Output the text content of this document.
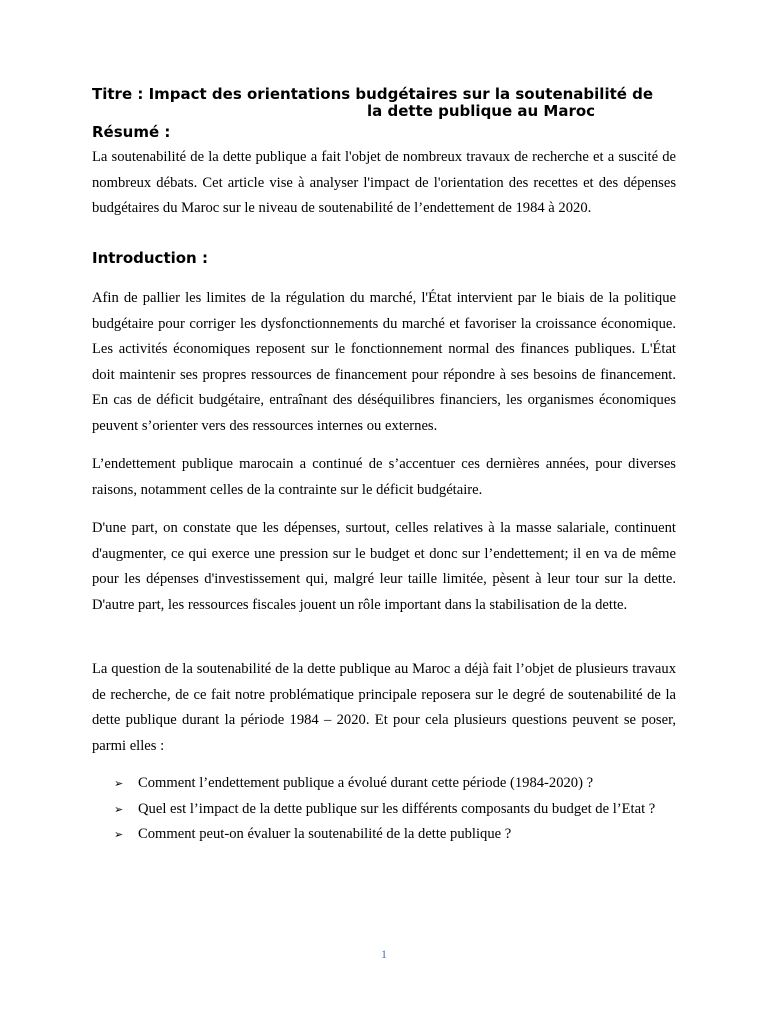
Titre : Impact des orientations budgétaires sur la soutenabilité de
la dette publique au Maroc
Résumé :

La soutenabilité de la dette publique a fait l'objet de nombreux travaux de recherche et a suscité de nombreux débats. Cet article vise à analyser l'impact de l'orientation des recettes et des dépenses budgétaires du Maroc sur le niveau de soutenabilité de l’endettement de 1984 à 2020.

Introduction :

Afin de pallier les limites de la régulation du marché, l'État intervient par le biais de la politique budgétaire pour corriger les dysfonctionnements du marché et favoriser la croissance économique. Les activités économiques reposent sur le fonctionnement normal des finances publiques. L'État doit maintenir ses propres ressources de financement pour répondre à ses besoins de financement. En cas de déficit budgétaire, entraînant des déséquilibres financiers, les organismes économiques peuvent s’orienter vers des ressources internes ou externes.

L’endettement publique marocain a continué de s’accentuer ces dernières années, pour diverses raisons, notamment celles de la contrainte sur le déficit budgétaire.

D'une part, on constate que les dépenses, surtout, celles relatives à la masse salariale, continuent d'augmenter, ce qui exerce une pression sur le budget et donc sur l’endettement; il en va de même pour les dépenses d'investissement qui, malgré leur taille limitée, pèsent à leur tour sur la dette. D'autre part, les ressources fiscales jouent un rôle important dans la stabilisation de la dette.

La question de la soutenabilité de la dette publique au Maroc a déjà fait l’objet de plusieurs travaux de recherche, de ce fait notre problématique principale reposera sur le degré de soutenabilité de la dette publique durant la période 1984 – 2020. Et pour cela plusieurs questions peuvent se poser, parmi elles :

➢	Comment l’endettement publique a évolué durant cette période (1984-2020) ?
➢	Quel est l’impact de la dette publique sur les différents composants du budget de l’Etat ?
➢	Comment peut-on évaluer la soutenabilité de la dette publique ?
1
